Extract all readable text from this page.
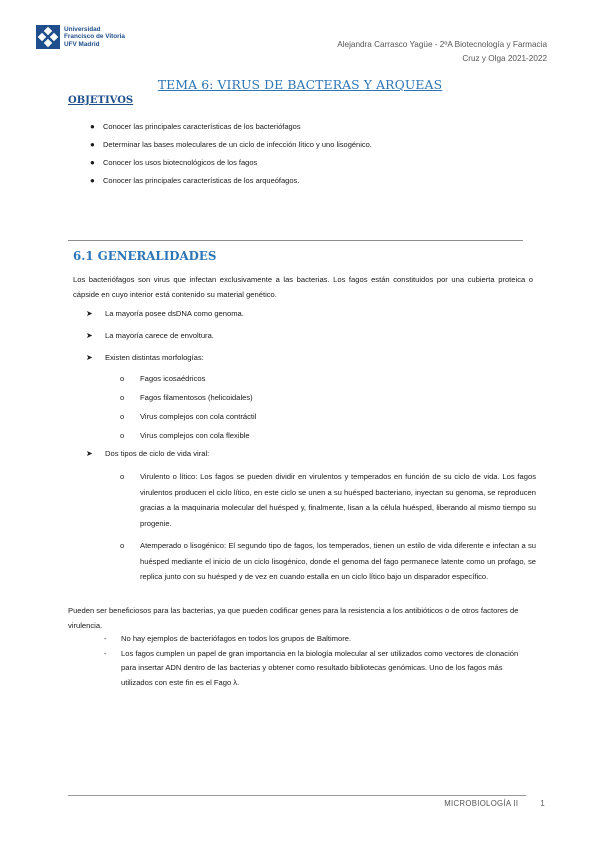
Universidad
Francisco de Vitoria
UFV Madrid	Alejandra Carrasco Yagüe - 2ºA Biotecnología y Farmacia
Cruz y Olga 2021-2022
TEMA 6: VIRUS DE BACTERAS Y ARQUEAS
OBJETIVOS
● Conocer las principales características de los bacteriófagos
● Determinar las bases moleculares de un ciclo de infección lítico y uno lisogénico.
● Conocer los usos biotecnológicos de los fagos
● Conocer las principales características de los arqueófagos.
6.1 GENERALIDADES
Los bacteriófagos son virus que infectan exclusivamente a las bacterias. Los fagos están constituidos por una cubierta proteica o cápside en cuyo interior está contenido su material genético.
➤ La mayoría posee dsDNA como genoma.
➤ La mayoría carece de envoltura.
➤ Existen distintas morfologías:
o Fagos icosaédricos
o Fagos filamentosos (helicoidales)
o Virus complejos con cola contráctil
o Virus complejos con cola flexible
➤ Dos tipos de ciclo de vida viral:
o Virulento o lítico: Los fagos se pueden dividir en virulentos y temperados en función de su ciclo de vida. Los fagos virulentos producen el ciclo lítico, en este ciclo se unen a su huésped bacteriano, inyectan su genoma, se reproducen gracias a la maquinaria molecular del huésped y, finalmente, lisan a la célula huésped, liberando al mismo tiempo su progenie.
o Atemperado o lisogénico: El segundo tipo de fagos, los temperados, tienen un estilo de vida diferente e infectan a su huésped mediante el inicio de un ciclo lisogénico, donde el genoma del fago permanece latente como un profago, se replica junto con su huésped y de vez en cuando estalla en un ciclo lítico bajo un disparador específico.
Pueden ser beneficiosos para las bacterias, ya que pueden codificar genes para la resistencia a los antibióticos o de otros factores de virulencia.
- No hay ejemplos de bacteriófagos en todos los grupos de Baltimore.
- Los fagos cumplen un papel de gran importancia en la biología molecular al ser utilizados como vectores de clonación para insertar ADN dentro de las bacterias y obtener como resultado bibliotecas genómicas. Uno de los fagos más utilizados con este fin es el Fago λ.
MICROBIOLOGÍA II	1
